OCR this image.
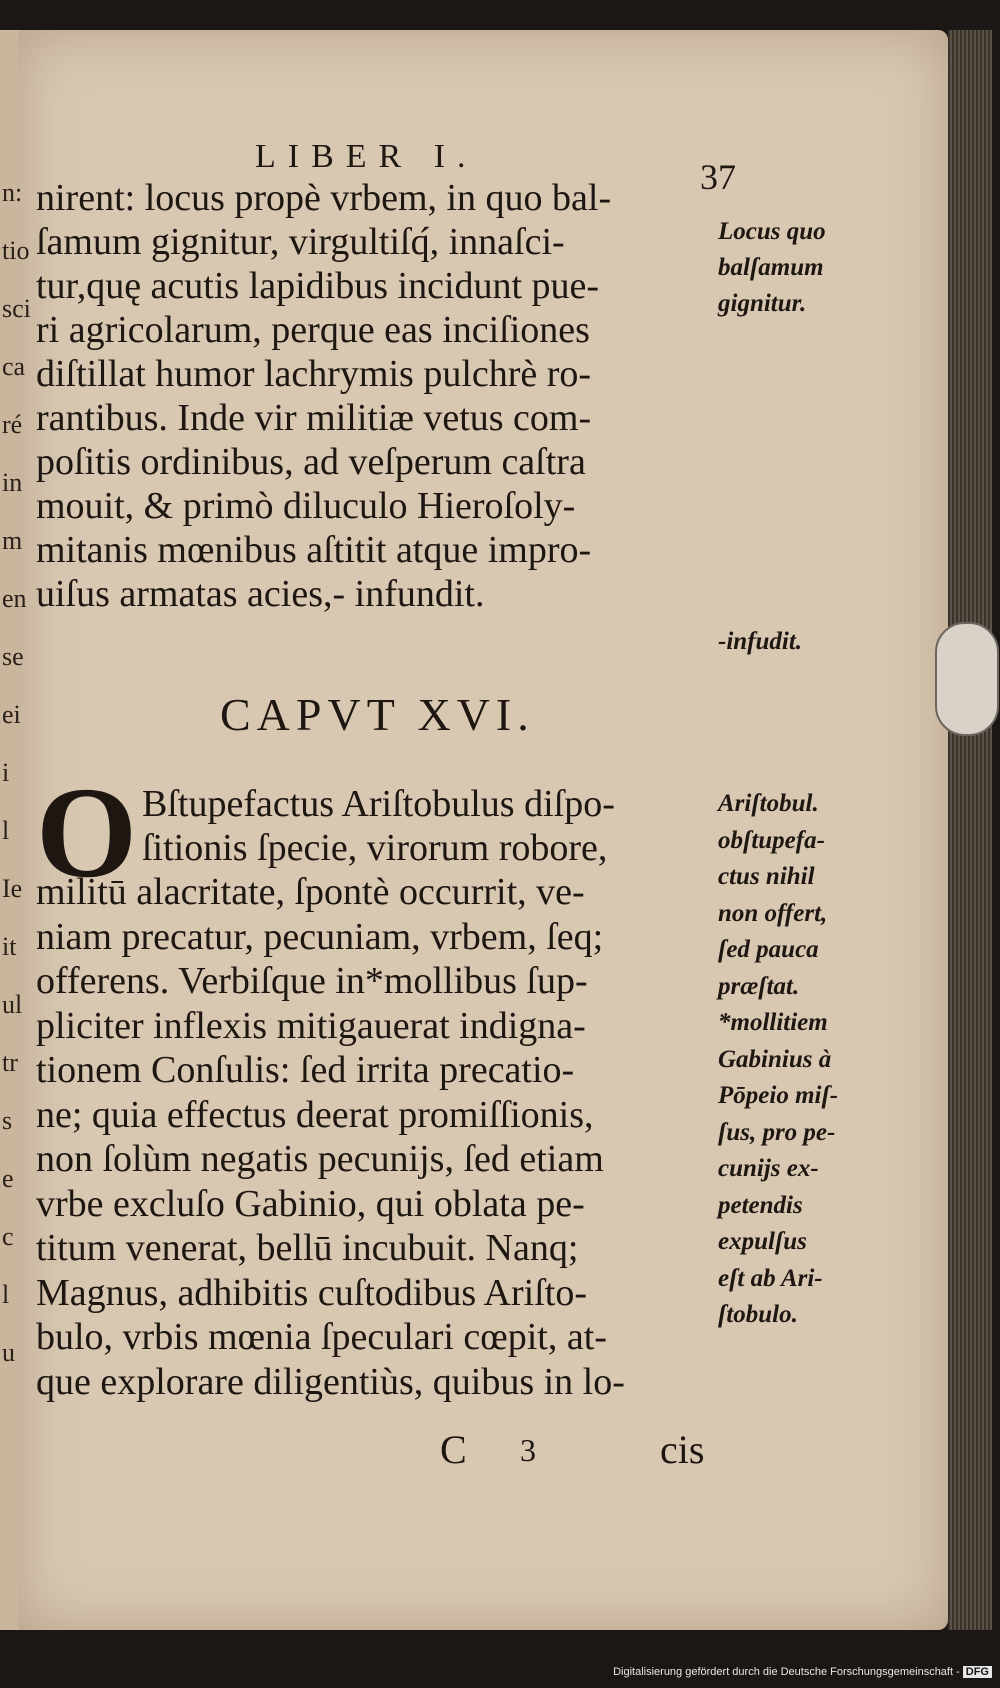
n:
tio
sci
ca
ré
in
m
en
se
ei
i
l
Ie
it
ul
tr
s
e
c
l
u
LIBER I.
37
nirent: locus propè vrbem, in quo bal-
ſamum gignitur, virgultiſq́, innaſci-
tur,quę acutis lapidibus incidunt pue-
ri agricolarum, perque eas inciſiones
diſtillat humor lachrymis pulchrè ro-
rantibus. Inde vir militiæ vetus com-
poſitis ordinibus, ad veſperum caſtra
mouit, & primò diluculo Hieroſoly-
mitanis mœnibus aſtitit atque impro-
uiſus armatas acies,- infundit.
Locus quo
balſamum
gignitur.
-infudit.
CAPVT XVI.
O Bſtupefactus Ariſtobulus diſpo-
ſitionis ſpecie, virorum robore,
militū alacritate, ſpontè occurrit, ve-
niam precatur, pecuniam, vrbem, ſeq;
offerens. Verbiſque in*mollibus ſup-
pliciter inflexis mitigauerat indigna-
tionem Conſulis: ſed irrita precatio-
ne; quia effectus deerat promiſſionis,
non ſolùm negatis pecunijs, ſed etiam
vrbe excluſo Gabinio, qui oblata pe-
titum venerat, bellū incubuit. Nanq;
Magnus, adhibitis cuſtodibus Ariſto-
bulo, vrbis mœnia ſpeculari cœpit, at-
que explorare diligentiùs, quibus in lo-
Ariſtobul.
obſtupefa-
ctus nihil
non offert,
ſed pauca
præſtat.
*mollitiem
Gabinius à
Pōpeio miſ-
ſus, pro pe-
cunijs ex-
petendis
expulſus
eſt ab Ari-
ſtobulo.
C 3	cis
Digitalisierung gefördert durch die Deutsche Forschungsgemeinschaft - DFG
